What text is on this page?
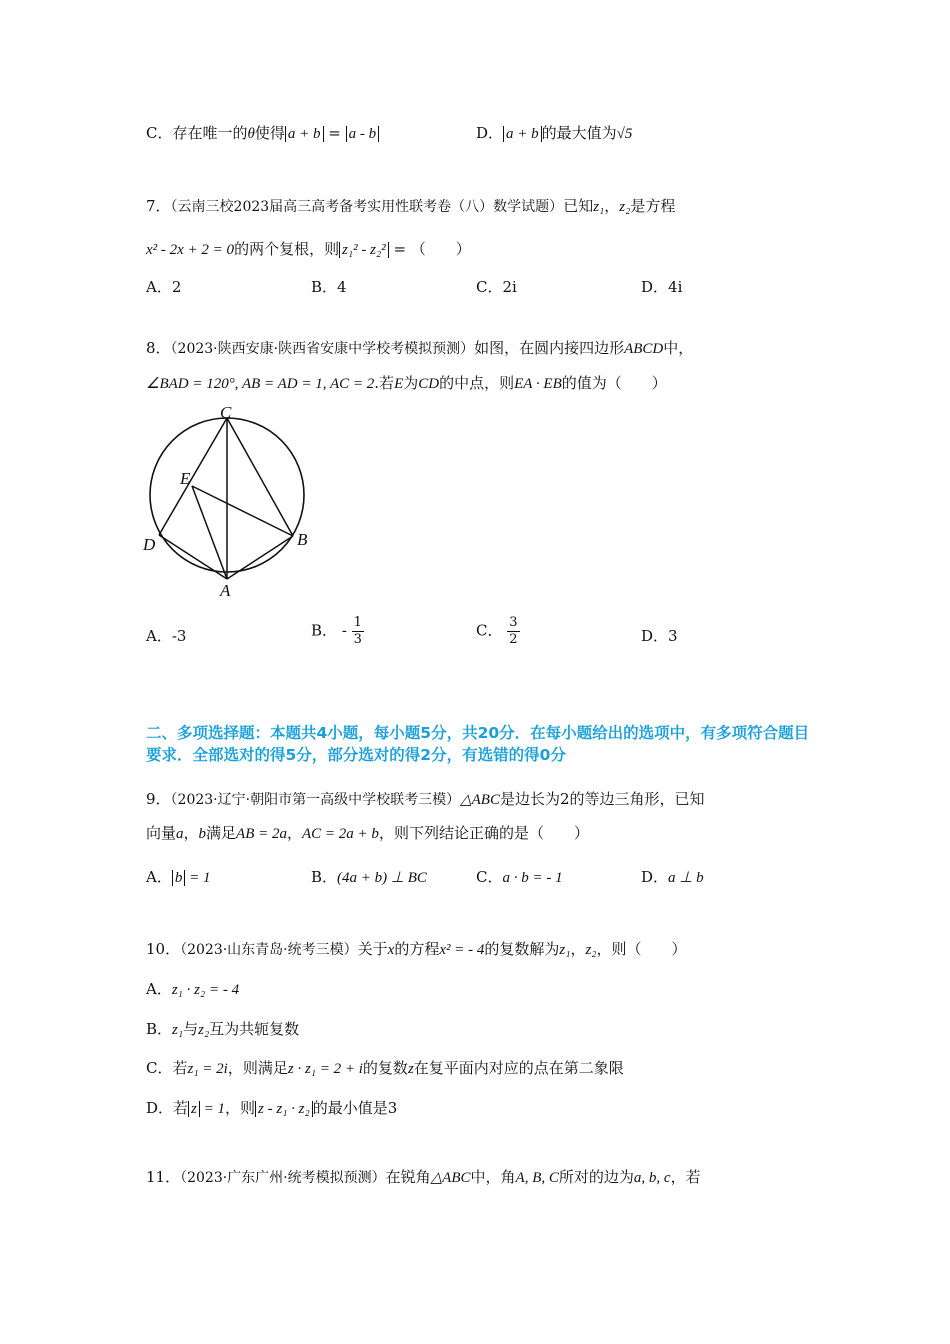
C．存在唯一的θ使得 a + b = a - b	D． a + b 的最大值为√5
7．（云南三校2023届高三高考备考实用性联考卷（八）数学试题）已知z₁，z₂是方程
x² - 2x + 2 = 0的两个复根，则 z₁² - z₂² = （　　）
A．2	B．4	C．2i	D．4i
8．（2023·陕西安康·陕西省安康中学校考模拟预测）如图，在圆内接四边形ABCD中，
∠BAD = 120°, AB = AD = 1, AC = 2.若E为CD的中点，则EA · EB的值为（　　）
C
E
D	B
A
A．-3	B． - $\frac{1}{3}$	C． $\frac{3}{2}$	D．3
二、多项选择题：本题共4小题，每小题5分，共20分．在每小题给出的选项中，有多项符合题目要求．全部选对的得5分，部分选对的得2分，有选错的得0分
9．（2023·辽宁·朝阳市第一高级中学校联考三模）△ABC是边长为2的等边三角形，已知
向量a，b满足AB = 2a，AC = 2a + b，则下列结论正确的是（　　）
A． b = 1	B．(4a + b) ⊥ BC	C．a · b = - 1	D．a ⊥ b
10．（2023·山东青岛·统考三模）关于x的方程x² = - 4的复数解为z₁，z₂，则（　　）
A．z₁ · z₂ = - 4
B．z₁与z₂互为共轭复数
C．若z₁ = 2i，则满足z · z₁ = 2 + i的复数z在复平面内对应的点在第二象限
D．若 z = 1，则 z - z₁ · z₂ 的最小值是3
11．（2023·广东广州·统考模拟预测）在锐角△ABC中，角A, B, C所对的边为a, b, c，若
